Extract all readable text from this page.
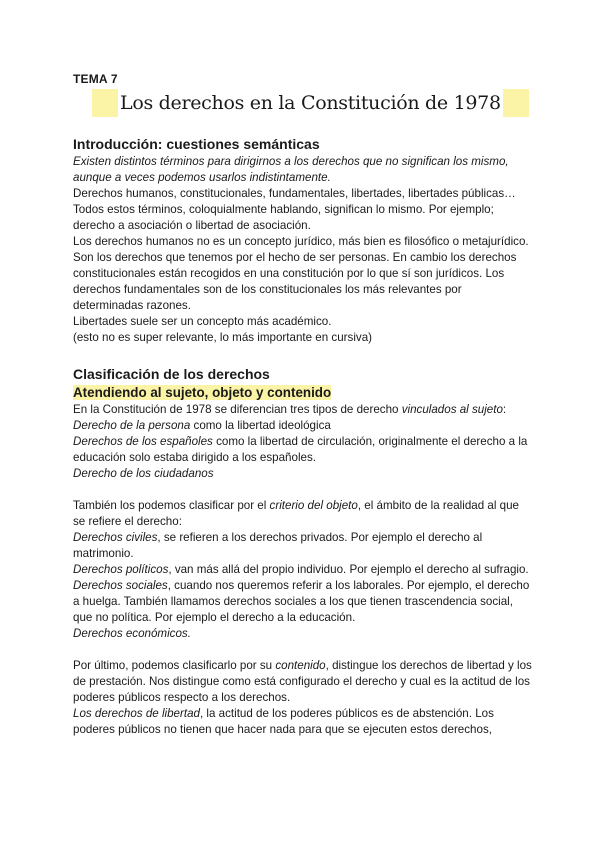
TEMA 7
Los derechos en la Constitución de 1978
Introducción: cuestiones semánticas

Existen distintos términos para dirigirnos a los derechos que no significan los mismo, aunque a veces podemos usarlos indistintamente.

Derechos humanos, constitucionales, fundamentales, libertades, libertades públicas… Todos estos términos, coloquialmente hablando, significan lo mismo. Por ejemplo; derecho a asociación o libertad de asociación.

Los derechos humanos no es un concepto jurídico, más bien es filosófico o metajurídico. Son los derechos que tenemos por el hecho de ser personas. En cambio los derechos constitucionales están recogidos en una constitución por lo que sí son jurídicos. Los derechos fundamentales son de los constitucionales los más relevantes por determinadas razones.

Libertades suele ser un concepto más académico.

(esto no es super relevante, lo más importante en cursiva)

Clasificación de los derechos
Atendiendo al sujeto, objeto y contenido

En la Constitución de 1978 se diferencian tres tipos de derecho vinculados al sujeto:

Derecho de la persona como la libertad ideológica

Derechos de los españoles como la libertad de circulación, originalmente el derecho a la educación solo estaba dirigido a los españoles.

Derecho de los ciudadanos

También los podemos clasificar por el criterio del objeto, el ámbito de la realidad al que se refiere el derecho:

Derechos civiles, se refieren a los derechos privados. Por ejemplo el derecho al matrimonio.

Derechos políticos, van más allá del propio individuo. Por ejemplo el derecho al sufragio.

Derechos sociales, cuando nos queremos referir a los laborales. Por ejemplo, el derecho a huelga. También llamamos derechos sociales a los que tienen trascendencia social, que no política. Por ejemplo el derecho a la educación.

Derechos económicos.

Por último, podemos clasificarlo por su contenido, distingue los derechos de libertad y los de prestación. Nos distingue como está configurado el derecho y cual es la actitud de los poderes públicos respecto a los derechos.

Los derechos de libertad, la actitud de los poderes públicos es de abstención. Los poderes públicos no tienen que hacer nada para que se ejecuten estos derechos,
